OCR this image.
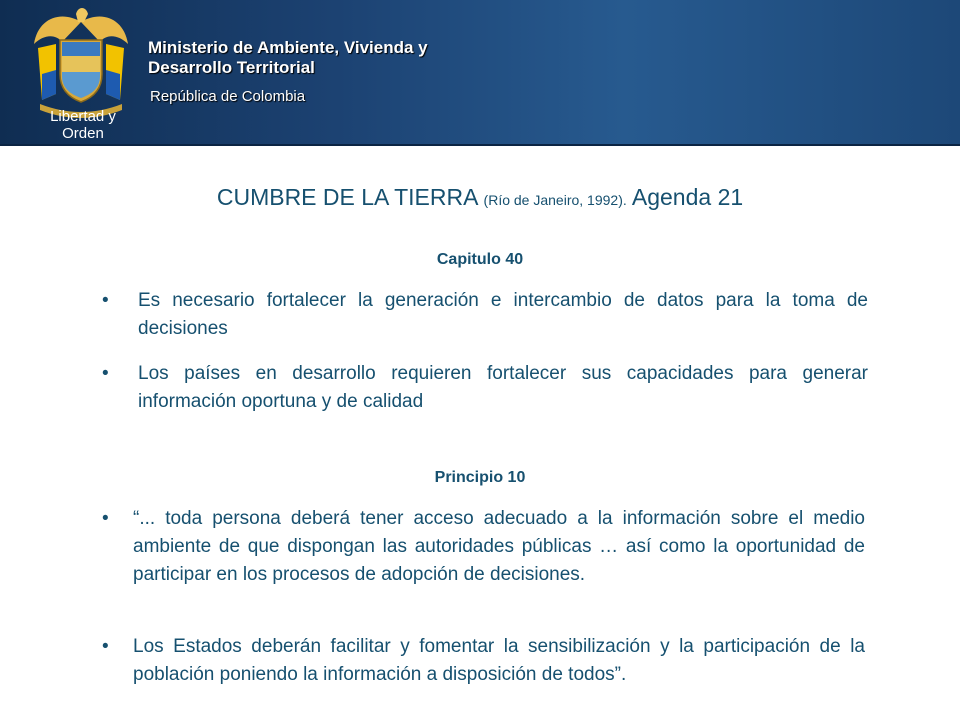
Libertad y Orden
Ministerio de Ambiente, Vivienda y
Desarrollo Territorial
República de Colombia
CUMBRE DE LA TIERRA (Río de Janeiro, 1992). Agenda 21
Capitulo 40
• Es necesario fortalecer la generación e intercambio de datos para la toma de decisiones
• Los países en desarrollo requieren fortalecer sus capacidades para generar información oportuna y de calidad
Principio 10
• “... toda persona deberá tener acceso adecuado a la información sobre el medio ambiente de que dispongan las autoridades públicas … así como la oportunidad de participar en los procesos de adopción de decisiones.
• Los Estados deberán facilitar y fomentar la sensibilización y la participación de la población poniendo la información a disposición de todos”.
